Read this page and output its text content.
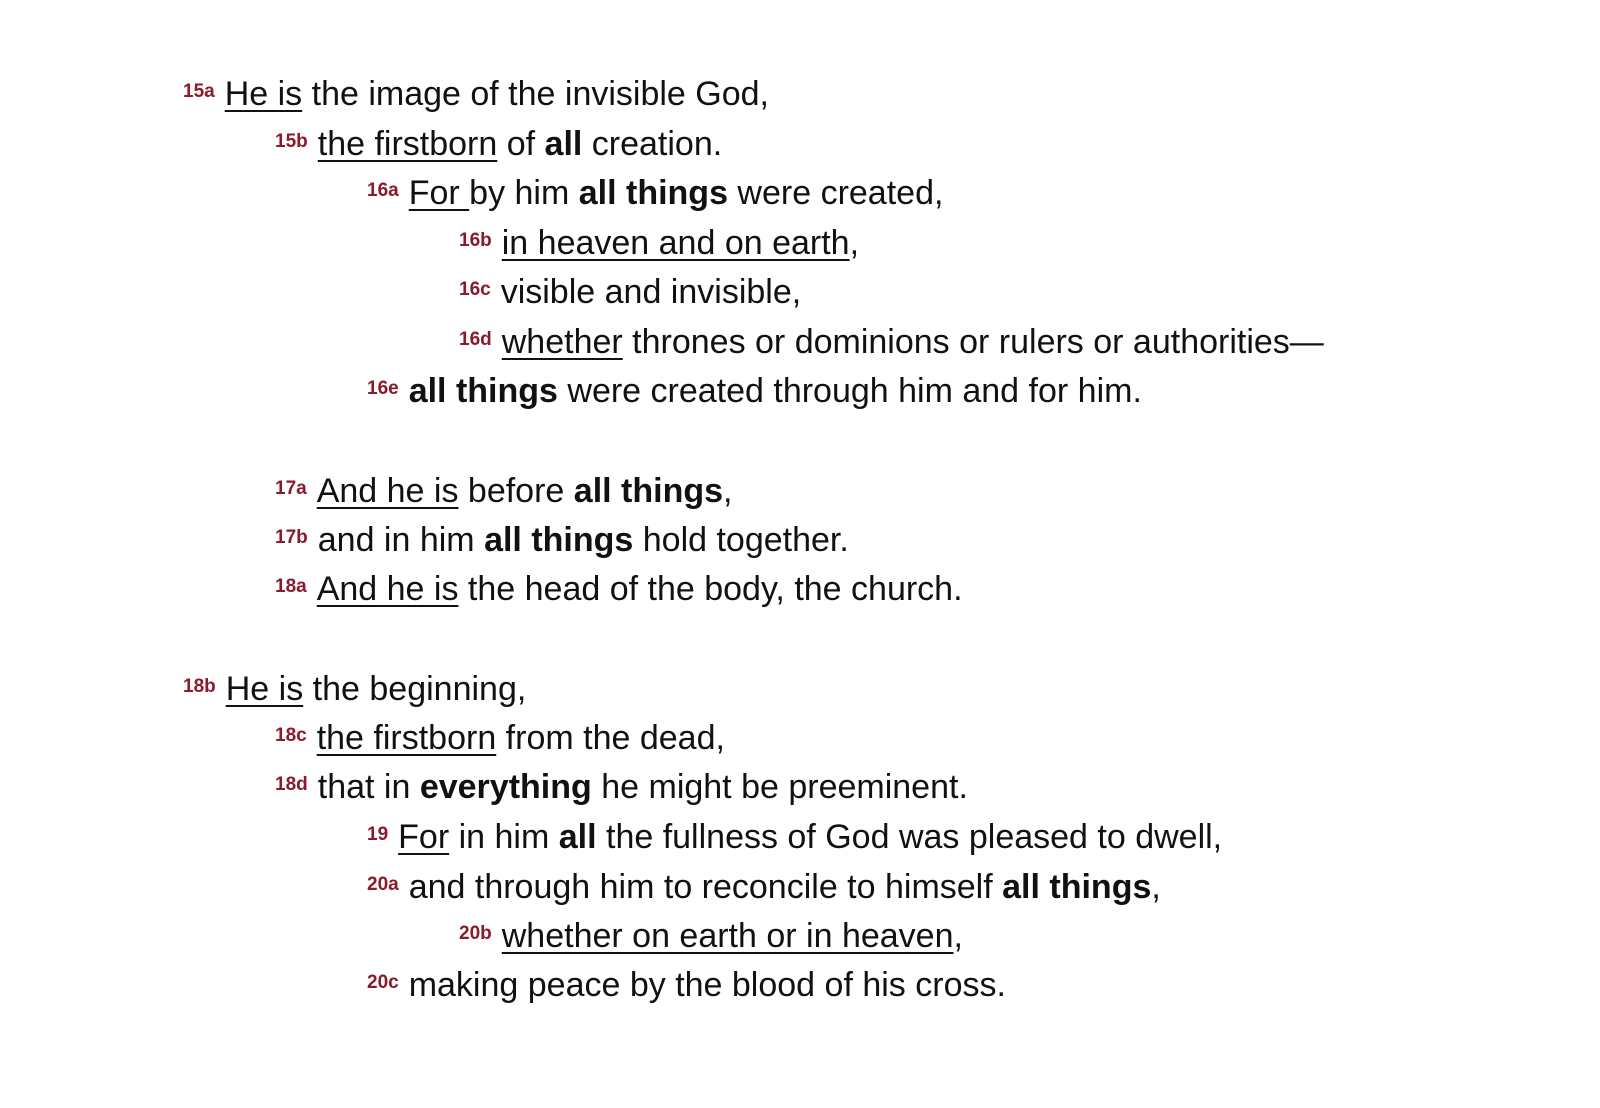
15a He is the image of the invisible God,
15b the firstborn of all creation.
16a For by him all things were created,
16b in heaven and on earth,
16c visible and invisible,
16d whether thrones or dominions or rulers or authorities—
16e all things were created through him and for him.
17a And he is before all things,
17b and in him all things hold together.
18a And he is the head of the body, the church.
18b He is the beginning,
18c the firstborn from the dead,
18d that in everything he might be preeminent.
19 For in him all the fullness of God was pleased to dwell,
20a and through him to reconcile to himself all things,
20b whether on earth or in heaven,
20c making peace by the blood of his cross.
